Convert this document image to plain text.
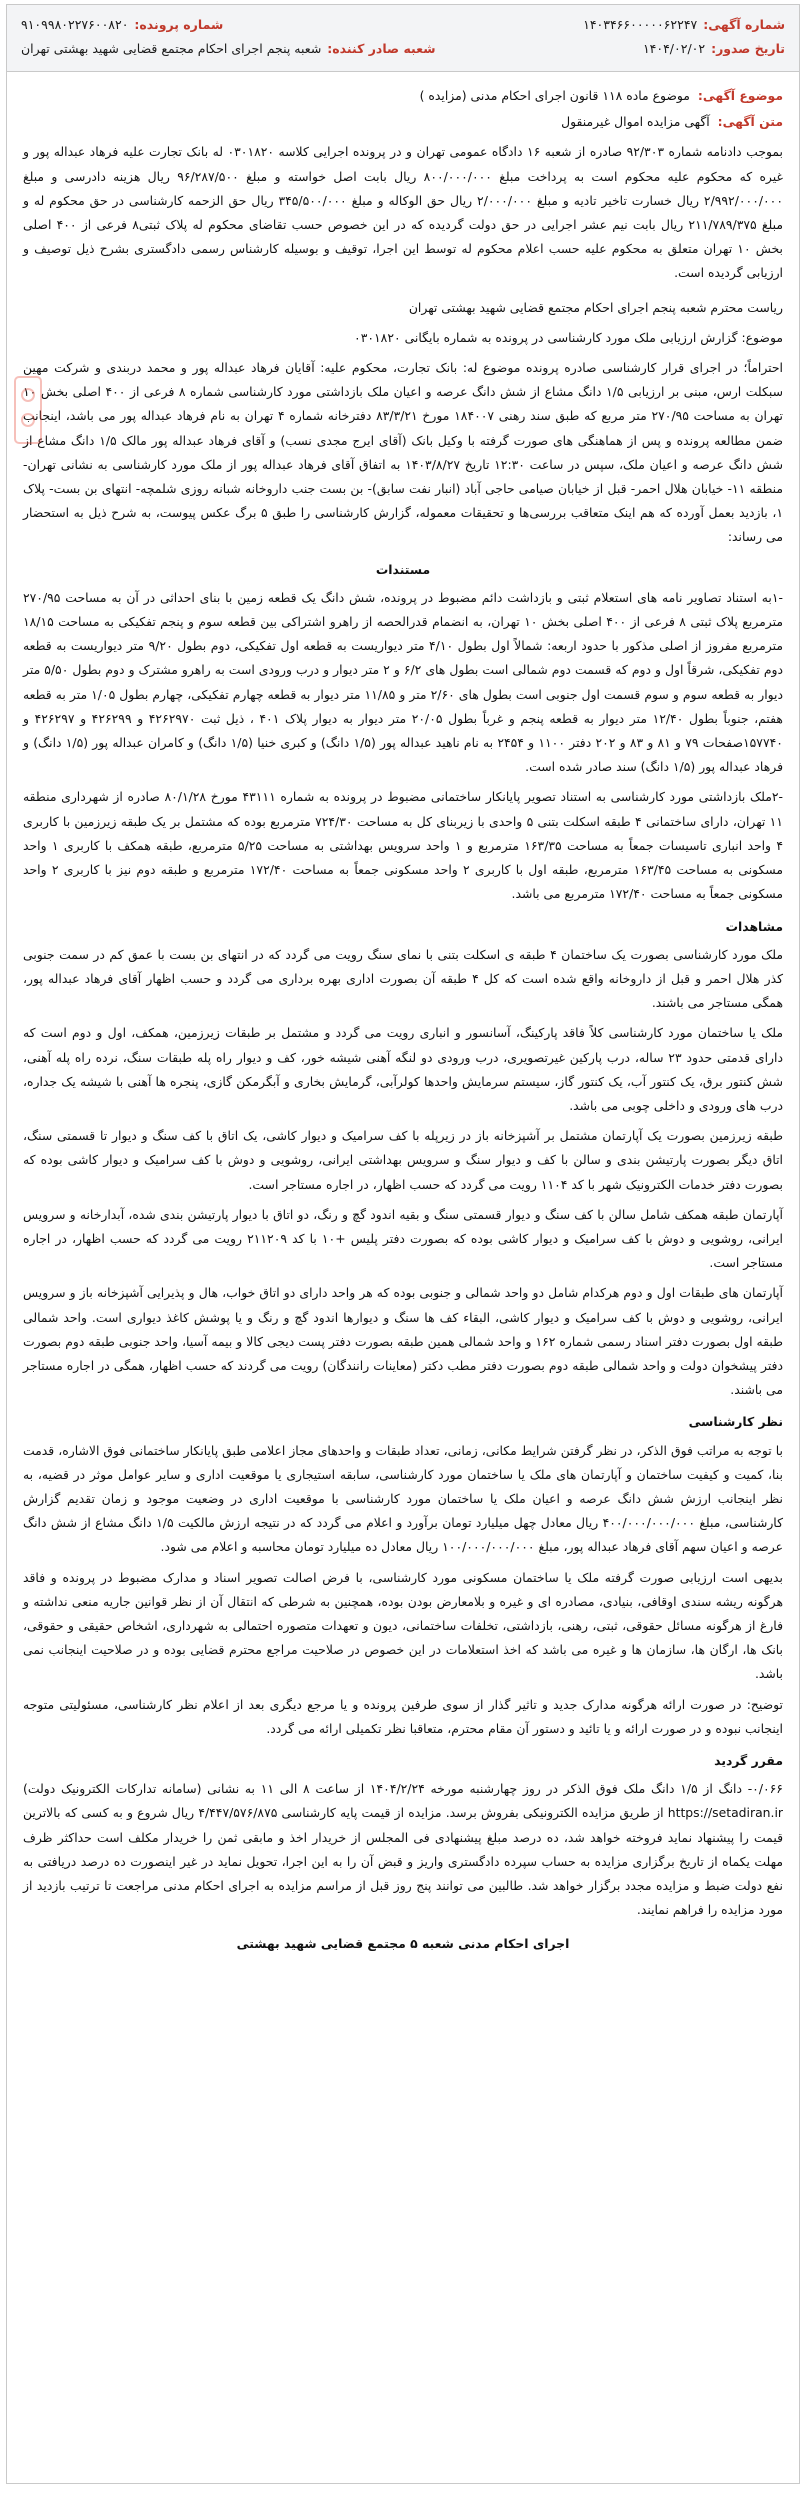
شماره آگهی:
۱۴۰۳۴۶۶۰۰۰۰۰۶۲۲۴۷
شماره پرونده:
۹۱۰۹۹۸۰۲۲۷۶۰۰۸۲۰
تاریخ صدور:
۱۴۰۴/۰۲/۰۲
شعبه صادر کننده:
شعبه پنجم اجرای احکام مجتمع قضایی شهید بهشتی تهران
موضوع آگهی: موضوع ماده ۱۱۸ قانون اجرای احکام مدنی (مزایده )
متن آگهی: آگهی مزایده اموال غیرمنقول

بموجب دادنامه شماره ۹۲/۳۰۳ صادره از شعبه ۱۶ دادگاه عمومی تهران و در پرونده اجرایی کلاسه ۰۳۰۱۸۲۰ له بانک تجارت علیه فرهاد عبداله پور و غیره که محکوم علیه محکوم است به پرداخت مبلغ ۸۰۰/۰۰۰/۰۰۰ ریال بابت اصل خواسته و مبلغ ۹۶/۲۸۷/۵۰۰ ریال هزینه دادرسی و مبلغ ۲/۹۹۲/۰۰۰/۰۰۰ ریال خسارت تاخیر تادیه و مبلغ ۲/۰۰۰/۰۰۰ ریال حق الوکاله و مبلغ ۳۴۵/۵۰۰/۰۰۰ ریال حق الزحمه کارشناسی در حق محکوم له و مبلغ ۲۱۱/۷۸۹/۳۷۵ ریال بابت نیم عشر اجرایی در حق دولت گردیده که در این خصوص حسب تقاضای محکوم له پلاک ثبتی۸ فرعی از ۴۰۰ اصلی بخش ۱۰ تهران متعلق به محکوم علیه حسب اعلام محکوم له توسط این اجرا، توقیف و بوسیله کارشناس رسمی دادگستری بشرح ذیل توصیف و ارزیابی گردیده است.

ریاست محترم شعبه پنجم اجرای احکام مجتمع قضایی شهید بهشتی تهران

موضوع: گزارش ارزیابی ملک مورد کارشناسی در پرونده به شماره بایگانی ۰۳۰۱۸۲۰

احتراماً؛ در اجرای قرار کارشناسی صادره پرونده موضوع له: بانک تجارت، محکوم علیه: آقایان فرهاد عبداله پور و محمد دربندی و شرکت مهین سبکلت ارس، مبنی بر ارزیابی ۱/۵ دانگ مشاع از شش دانگ عرصه و اعیان ملک بازداشتی مورد کارشناسی شماره ۸ فرعی از ۴۰۰ اصلی بخش ۱۰ تهران به مساحت ۲۷۰/۹۵ متر مربع که طبق سند رهنی ۱۸۴۰۰۷ مورخ ۸۳/۳/۲۱ دفترخانه شماره ۴ تهران به نام فرهاد عبداله پور می باشد، اینجانب ضمن مطالعه پرونده و پس از هماهنگی های صورت گرفته با وکیل بانک (آقای ایرج مجدی نسب) و آقای فرهاد عبداله پور مالک ۱/۵ دانگ مشاع از شش دانگ عرصه و اعیان ملک، سپس در ساعت ۱۲:۳۰ تاریخ ۱۴۰۳/۸/۲۷ به اتفاق آقای فرهاد عبداله پور از ملک مورد کارشناسی به نشانی تهران- منطقه ۱۱- خیابان هلال احمر- قبل از خیابان صیامی حاجی آباد (انبار نفت سابق)- بن بست جنب داروخانه شبانه روزی شلمچه- انتهای بن بست- پلاک ۱، بازدید بعمل آورده که هم اینک متعاقب بررسی‌ها و تحقیقات معموله، گزارش کارشناسی را طبق ۵ برگ عکس پیوست، به شرح ذیل به استحضار می رساند:

مستندات

-۱به استناد تصاویر نامه های استعلام ثبتی و بازداشت دائم مضبوط در پرونده، شش دانگ یک قطعه زمین با بنای احداثی در آن به مساحت ۲۷۰/۹۵ مترمربع پلاک ثبتی ۸ فرعی از ۴۰۰ اصلی بخش ۱۰ تهران، به انضمام قدرالحصه از راهرو اشتراکی بین قطعه سوم و پنجم تفکیکی به مساحت ۱۸/۱۵ مترمربع مفروز از اصلی مذکور با حدود اربعه: شمالاً اول بطول ۴/۱۰ متر دیواریست به قطعه اول تفکیکی، دوم بطول ۹/۲۰ متر دیواریست به قطعه دوم تفکیکی، شرقاً اول و دوم که قسمت دوم شمالی است بطول های ۶/۲ و ۲ متر دیوار و درب ورودی است به راهرو مشترک و دوم بطول ۵/۵۰ متر دیوار به قطعه سوم و سوم قسمت اول جنوبی است بطول های ۲/۶۰ متر و ۱۱/۸۵ متر دیوار به قطعه چهارم تفکیکی، چهارم بطول ۱/۰۵ متر به قطعه هفتم، جنوباً بطول ۱۲/۴۰ متر دیوار به قطعه پنجم و غرباً بطول ۲۰/۰۵ متر دیوار به دیوار پلاک ۴۰۱ ، ذیل ثبت ۴۲۶۲۹۷۰ و ۴۲۶۲۹۹ و ۴۲۶۲۹۷ و ۱۵۷۷۴۰صفحات ۷۹ و ۸۱ و ۸۳ و ۲۰۲ دفتر ۱۱۰۰ و ۲۴۵۴ به نام ناهید عبداله پور (۱/۵ دانگ) و کبری خنیا (۱/۵ دانگ) و کامران عبداله پور (۱/۵ دانگ) و فرهاد عبداله پور (۱/۵ دانگ) سند صادر شده است.

-۲ملک بازداشتی مورد کارشناسی به استناد تصویر پایانکار ساختمانی مضبوط در پرونده به شماره ۴۳۱۱۱ مورخ ۸۰/۱/۲۸ صادره از شهرداری منطقه ۱۱ تهران، دارای ساختمانی ۴ طبقه اسکلت بتنی ۵ واحدی با زیربنای کل به مساحت ۷۲۴/۳۰ مترمربع بوده که مشتمل بر یک طبقه زیرزمین با کاربری ۴ واحد انباری تاسیسات جمعاً به مساحت ۱۶۳/۳۵ مترمربع و ۱ واحد سرویس بهداشتی به مساحت ۵/۲۵ مترمربع، طبقه همکف با کاربری ۱ واحد مسکونی به مساحت ۱۶۳/۴۵ مترمربع، طبقه اول با کاربری ۲ واحد مسکونی جمعاً به مساحت ۱۷۲/۴۰ مترمربع و طبقه دوم نیز با کاربری ۲ واحد مسکونی جمعاً به مساحت ۱۷۲/۴۰ مترمربع می باشد.

مشاهدات

ملک مورد کارشناسی بصورت یک ساختمان ۴ طبقه ی اسکلت بتنی با نمای سنگ رویت می گردد که در انتهای بن بست با عمق کم در سمت جنوبی کذر هلال احمر و قبل از داروخانه واقع شده است که کل ۴ طبقه آن بصورت اداری بهره برداری می گردد و حسب اظهار آقای فرهاد عبداله پور، همگی مستاجر می باشند.

ملک یا ساختمان مورد کارشناسی کلاً فاقد پارکینگ، آسانسور و انباری رویت می گردد و مشتمل بر طبقات زیرزمین، همکف، اول و دوم است که دارای قدمتی حدود ۲۳ ساله، درب پارکین غیرتصویری، درب ورودی دو لنگه آهنی شیشه خور، کف و دیوار راه پله طبقات سنگ، نرده راه پله آهنی، شش کنتور برق، یک کنتور آب، یک کنتور گاز، سیستم سرمایش واحدها کولرآبی، گرمایش بخاری و آبگرمکن گازی، پنجره ها آهنی با شیشه یک جداره، درب های ورودی و داخلی چوبی می باشد.

طبقه زیرزمین بصورت یک آپارتمان مشتمل بر آشپزخانه باز در زیرپله با کف سرامیک و دیوار کاشی، یک اتاق با کف سنگ و دیوار تا قسمتی سنگ، اتاق دیگر بصورت پارتیشن بندی و سالن با کف و دیوار سنگ و سرویس بهداشتی ایرانی، روشویی و دوش با کف سرامیک و دیوار کاشی بوده که بصورت دفتر خدمات الکترونیک شهر با کد ۱۱۰۴ رویت می گردد که حسب اظهار، در اجاره مستاجر است.

آپارتمان طبقه همکف شامل سالن با کف سنگ و دیوار قسمتی سنگ و بقیه اندود گچ و رنگ، دو اتاق با دیوار پارتیشن بندی شده، آبدارخانه و سرویس ایرانی، روشویی و دوش با کف سرامیک و دیوار کاشی بوده که بصورت دفتر پلیس +۱۰ با کد ۲۱۱۲۰۹ رویت می گردد که حسب اظهار، در اجاره مستاجر است.

آپارتمان های طبقات اول و دوم هرکدام شامل دو واحد شمالی و جنوبی بوده که هر واحد دارای دو اتاق خواب، هال و پذیرایی آشپزخانه باز و سرویس ایرانی، روشویی و دوش با کف سرامیک و دیوار کاشی، البقاء کف ها سنگ و دیوارها اندود گچ و رنگ و یا پوشش کاغذ دیواری است. واحد شمالی طبقه اول بصورت دفتر اسناد رسمی شماره ۱۶۲ و واحد شمالی همین طبقه بصورت دفتر پست دیجی کالا و بیمه آسیا، واحد جنوبی طبقه دوم بصورت دفتر پیشخوان دولت و واحد شمالی طبقه دوم بصورت دفتر مطب دکتر (معاینات رانندگان) رویت می گردند که حسب اظهار، همگی در اجاره مستاجر می باشند.

نظر کارشناسی

با توجه به مراتب فوق الذکر، در نظر گرفتن شرایط مکانی، زمانی، تعداد طبقات و واحدهای مجاز اعلامی طبق پایانکار ساختمانی فوق الاشاره، قدمت بنا، کمیت و کیفیت ساختمان و آپارتمان های ملک یا ساختمان مورد کارشناسی، سابقه استیجاری یا موقعیت اداری و سایر عوامل موثر در قضیه، به نظر اینجانب ارزش شش دانگ عرصه و اعیان ملک یا ساختمان مورد کارشناسی با موقعیت اداری در وضعیت موجود و زمان تقدیم گزارش کارشناسی، مبلغ ۴۰۰/۰۰۰/۰۰۰/۰۰۰ ریال معادل چهل میلیارد تومان برآورد و اعلام می گردد که در نتیجه ارزش مالکیت ۱/۵ دانگ مشاع از شش دانگ عرصه و اعیان سهم آقای فرهاد عبداله پور، مبلغ ۱۰۰/۰۰۰/۰۰۰/۰۰۰ ریال معادل ده میلیارد تومان محاسبه و اعلام می شود.

بدیهی است ارزیابی صورت گرفته ملک یا ساختمان مسکونی مورد کارشناسی، با فرض اصالت تصویر اسناد و مدارک مضبوط در پرونده و فاقد هرگونه ریشه سندی اوقافی، بنیادی، مصادره ای و غیره و بلامعارض بودن بوده، همچنین به شرطی که انتقال آن از نظر قوانین جاریه منعی نداشته و فارغ از هرگونه مسائل حقوقی، ثبتی، رهنی، بازداشتی، تخلفات ساختمانی، دیون و تعهدات متصوره احتمالی به شهرداری، اشخاص حقیقی و حقوقی، بانک ها، ارگان ها، سازمان ها و غیره می باشد که اخذ استعلامات در این خصوص در صلاحیت مراجع محترم قضایی بوده و در صلاحیت اینجانب نمی باشد.

توضیح: در صورت ارائه هرگونه مدارک جدید و تاثیر گذار از سوی طرفین پرونده و یا مرجع دیگری بعد از اعلام نظر کارشناسی، مسئولیتی متوجه اینجانب نبوده و در صورت ارائه و یا تائید و دستور آن مقام محترم، متعاقبا نظر تکمیلی ارائه می گردد.

مقرر گردید

۰/۰۶۶- دانگ از ۱/۵ دانگ ملک فوق الذکر در روز چهارشنبه مورخه ۱۴۰۴/۲/۲۴ از ساعت ۸ الی ۱۱ به نشانی (سامانه تدارکات الکترونیک دولت) https://setadiran.ir از طریق مزایده الکترونیکی بفروش برسد. مزایده از قیمت پایه کارشناسی ۴/۴۴۷/۵۷۶/۸۷۵ ریال شروع و به کسی که بالاترین قیمت را پیشنهاد نماید فروخته خواهد شد، ده درصد مبلغ پیشنهادی فی المجلس از خریدار اخذ و مابقی ثمن را خریدار مکلف است حداکثر ظرف مهلت یکماه از تاریخ برگزاری مزایده به حساب سپرده دادگستری واریز و قبض آن را به این اجرا، تحویل نماید در غیر اینصورت ده درصد دریافتی به نفع دولت ضبط و مزایده مجدد برگزار خواهد شد. طالبین می توانند پنج روز قبل از مراسم مزایده به اجرای احکام مدنی مراجعت تا ترتیب بازدید از مورد مزایده را فراهم نمایند.

اجرای احکام مدنی شعبه ۵ مجتمع قضایی شهید بهشتی
